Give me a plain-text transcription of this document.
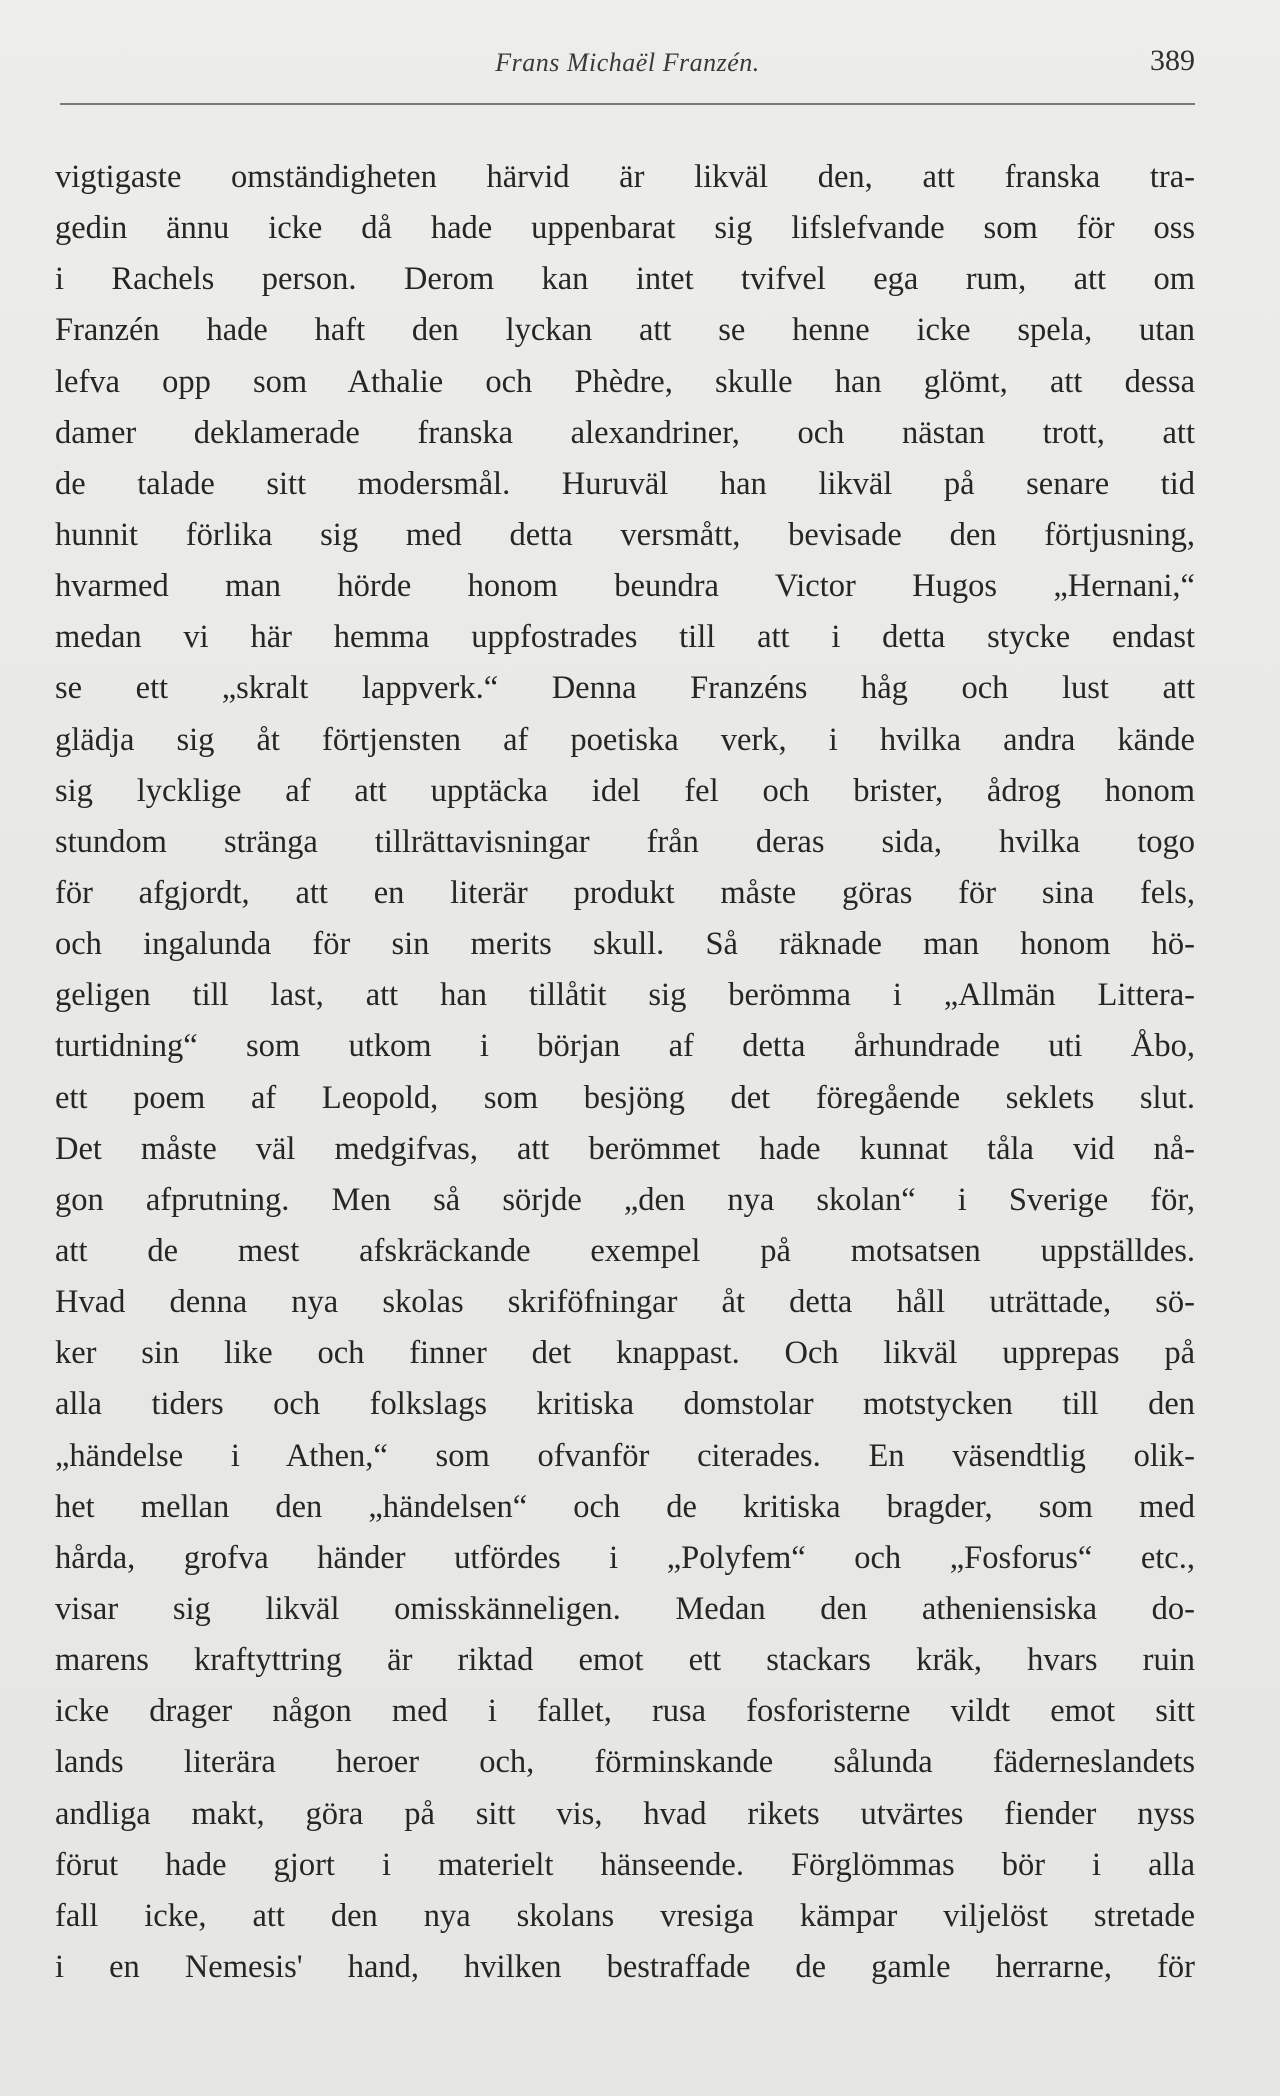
Frans Michaël Franzén.	389
vigtigaste omständigheten härvid är likväl den, att franska tra-
gedin ännu icke då hade uppenbarat sig lifslefvande som för oss
i Rachels person. Derom kan intet tvifvel ega rum, att om
Franzén hade haft den lyckan att se henne icke spela, utan
lefva opp som Athalie och Phèdre, skulle han glömt, att dessa
damer deklamerade franska alexandriner, och nästan trott, att
de talade sitt modersmål. Huruväl han likväl på senare tid
hunnit förlika sig med detta versmått, bevisade den förtjusning,
hvarmed man hörde honom beundra Victor Hugos „Hernani,“
medan vi här hemma uppfostrades till att i detta stycke endast
se ett „skralt lappverk.“ Denna Franzéns håg och lust att
glädja sig åt förtjensten af poetiska verk, i hvilka andra kände
sig lycklige af att upptäcka idel fel och brister, ådrog honom
stundom stränga tillrättavisningar från deras sida, hvilka togo
för afgjordt, att en literär produkt måste göras för sina fels,
och ingalunda för sin merits skull. Så räknade man honom hö-
geligen till last, att han tillåtit sig berömma i „Allmän Littera-
turtidning“ som utkom i början af detta århundrade uti Åbo,
ett poem af Leopold, som besjöng det föregående seklets slut.
Det måste väl medgifvas, att berömmet hade kunnat tåla vid nå-
gon afprutning. Men så sörjde „den nya skolan“ i Sverige för,
att de mest afskräckande exempel på motsatsen uppställdes.
Hvad denna nya skolas skriföfningar åt detta håll uträttade, sö-
ker sin like och finner det knappast. Och likväl upprepas på
alla tiders och folkslags kritiska domstolar motstycken till den
„händelse i Athen,“ som ofvanför citerades. En väsendtlig olik-
het mellan den „händelsen“ och de kritiska bragder, som med
hårda, grofva händer utfördes i „Polyfem“ och „Fosforus“ etc.,
visar sig likväl omisskänneligen. Medan den atheniensiska do-
marens kraftyttring är riktad emot ett stackars kräk, hvars ruin
icke drager någon med i fallet, rusa fosforisterne vildt emot sitt
lands literära heroer och, förminskande sålunda fäderneslandets
andliga makt, göra på sitt vis, hvad rikets utvärtes fiender nyss
förut hade gjort i materielt hänseende. Förglömmas bör i alla
fall icke, att den nya skolans vresiga kämpar viljelöst stretade
i en Nemesis' hand, hvilken bestraffade de gamle herrarne, för
